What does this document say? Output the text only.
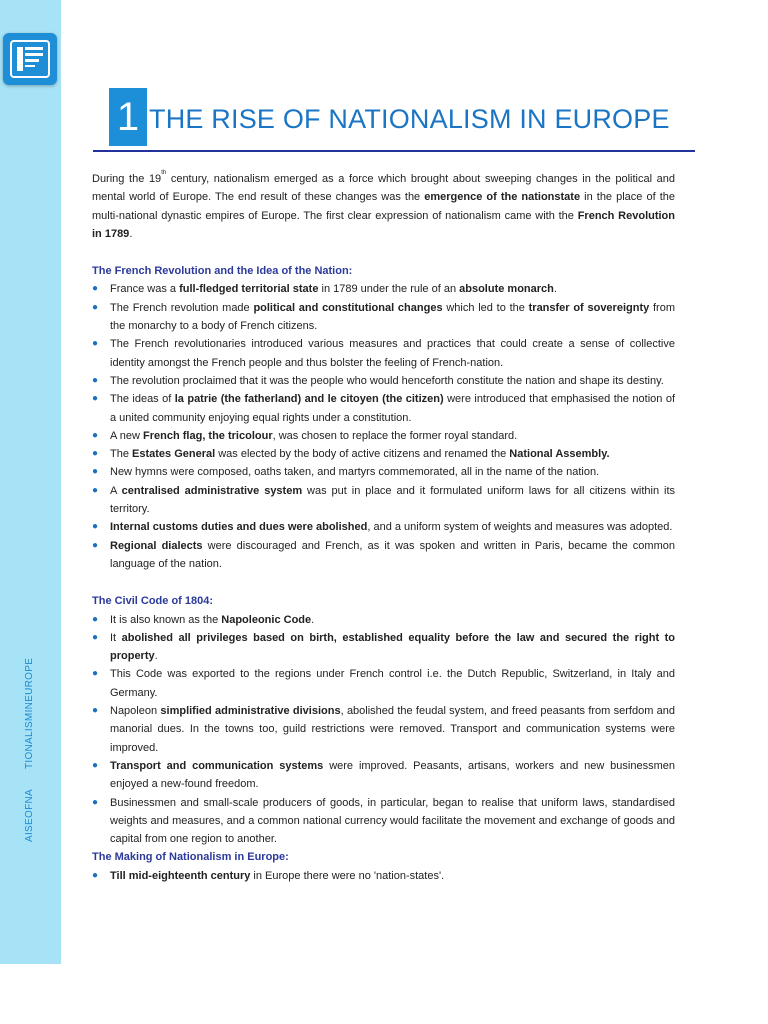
AISEOFNATIONALISMINEUROPE
1 THE RISE OF NATIONALISM IN EUROPE

During the 19th century, nationalism emerged as a force which brought about sweeping changes in the political and mental world of Europe. The end result of these changes was the emergence of the nationstate in the place of the multi-national dynastic empires of Europe. The first clear expression of nationalism came with the French Revolution in 1789.

The French Revolution and the Idea of the Nation:

● France was a full-fledged territorial state in 1789 under the rule of an absolute monarch.
● The French revolution made political and constitutional changes which led to the transfer of sovereignty from the monarchy to a body of French citizens.
● The French revolutionaries introduced various measures and practices that could create a sense of collective identity amongst the French people and thus bolster the feeling of French-nation.
● The revolution proclaimed that it was the people who would henceforth constitute the nation and shape its destiny.
● The ideas of la patrie (the fatherland) and le citoyen (the citizen) were introduced that emphasised the notion of a united community enjoying equal rights under a constitution.
● A new French flag, the tricolour, was chosen to replace the former royal standard.
● The Estates General was elected by the body of active citizens and renamed the National Assembly.
● New hymns were composed, oaths taken, and martyrs commemorated, all in the name of the nation.
● A centralised administrative system was put in place and it formulated uniform laws for all citizens within its territory.
● Internal customs duties and dues were abolished, and a uniform system of weights and measures was adopted.
● Regional dialects were discouraged and French, as it was spoken and written in Paris, became the common language of the nation.

The Civil Code of 1804:

● It is also known as the Napoleonic Code.
● It abolished all privileges based on birth, established equality before the law and secured the right to property.
● This Code was exported to the regions under French control i.e. the Dutch Republic, Switzerland, in Italy and Germany.
● Napoleon simplified administrative divisions, abolished the feudal system, and freed peasants from serfdom and manorial dues. In the towns too, guild restrictions were removed. Transport and communication systems were improved.
● Transport and communication systems were improved. Peasants, artisans, workers and new businessmen enjoyed a new-found freedom.
● Businessmen and small-scale producers of goods, in particular, began to realise that uniform laws, standardised weights and measures, and a common national currency would facilitate the movement and exchange of goods and capital from one region to another.

The Making of Nationalism in Europe:

● Till mid-eighteenth century in Europe there were no 'nation-states'.
